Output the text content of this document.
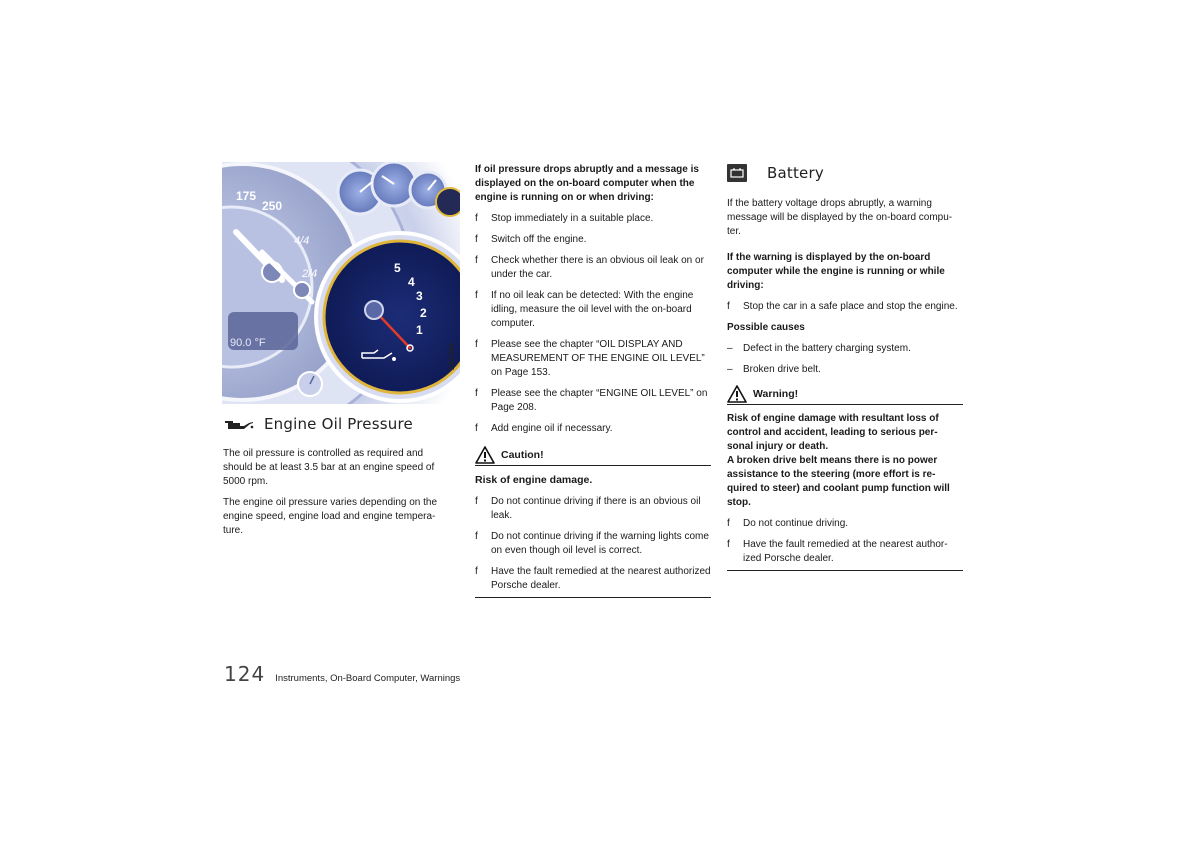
175
250
4/4
2/4
90.0 °F
5
4
3
2
1
K83-054
Engine Oil Pressure

The oil pressure is controlled as required and should be at least 3.5 bar at an engine speed of 5000 rpm.

The engine oil pressure varies depending on the engine speed, engine load and engine tempera-ture.

If oil pressure drops abruptly and a message is displayed on the on-board computer when the engine is running on or when driving:

f Stop immediately in a suitable place.
f Switch off the engine.
f Check whether there is an obvious oil leak on or under the car.
f If no oil leak can be detected: With the engine idling, measure the oil level with the on-board computer.
f Please see the chapter “OIL DISPLAY AND MEASUREMENT OF THE ENGINE OIL LEVEL” on Page 153.
f Please see the chapter “ENGINE OIL LEVEL” on Page 208.
f Add engine oil if necessary.
Caution!

Risk of engine damage.

f Do not continue driving if there is an obvious oil leak.
f Do not continue driving if the warning lights come on even though oil level is correct.
f Have the fault remedied at the nearest authorized Porsche dealer.
Battery

If the battery voltage drops abruptly, a warning message will be displayed by the on-board compu-ter.

If the warning is displayed by the on-board computer while the engine is running or while driving:

f Stop the car in a safe place and stop the engine.

Possible causes

– Defect in the battery charging system.
– Broken drive belt.
Warning!

Risk of engine damage with resultant loss of control and accident, leading to serious per-sonal injury or death.

A broken drive belt means there is no power assistance to the steering (more effort is re-quired to steer) and coolant pump function will stop.

f Do not continue driving.
f Have the fault remedied at the nearest author-ized Porsche dealer.
124 Instruments, On-Board Computer, Warnings
